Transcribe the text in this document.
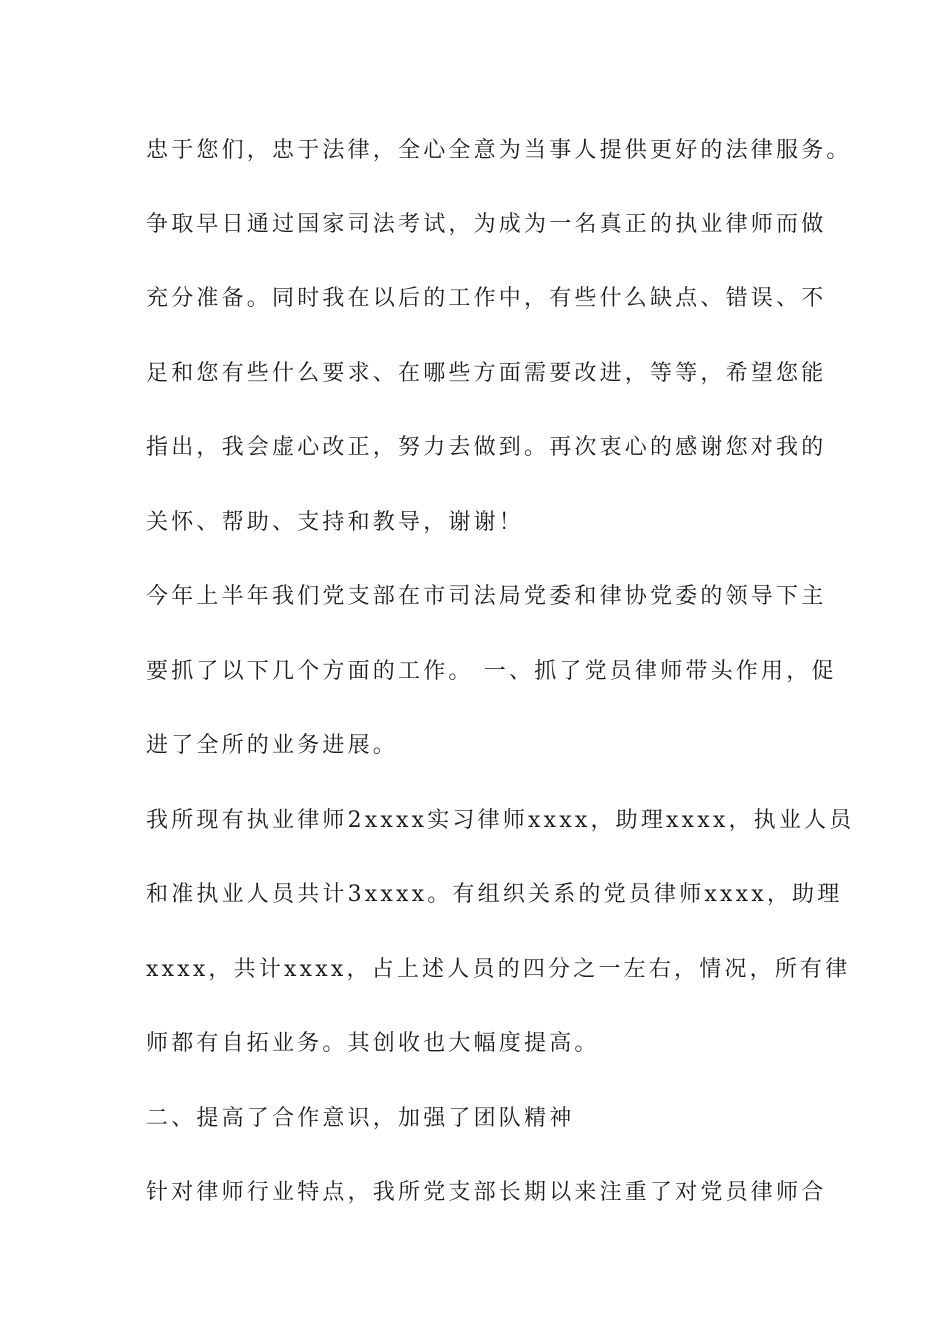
忠于您们，忠于法律，全心全意为当事人提供更好的法律服务。
争取早日通过国家司法考试，为成为一名真正的执业律师而做
充分准备。同时我在以后的工作中，有些什么缺点、错误、不
足和您有些什么要求、在哪些方面需要改进，等等，希望您能
指出，我会虚心改正，努力去做到。再次衷心的感谢您对我的
关怀、帮助、支持和教导，谢谢！
今年上半年我们党支部在市司法局党委和律协党委的领导下主
要抓了以下几个方面的工作。 一、抓了党员律师带头作用，促
进了全所的业务进展。
我所现有执业律师2xxxx实习律师xxxx，助理xxxx，执业人员
和准执业人员共计3xxxx。有组织关系的党员律师xxxx，助理
xxxx，共计xxxx，占上述人员的四分之一左右，情况，所有律
师都有自拓业务。其创收也大幅度提高。
二、提高了合作意识，加强了团队精神
针对律师行业特点，我所党支部长期以来注重了对党员律师合
